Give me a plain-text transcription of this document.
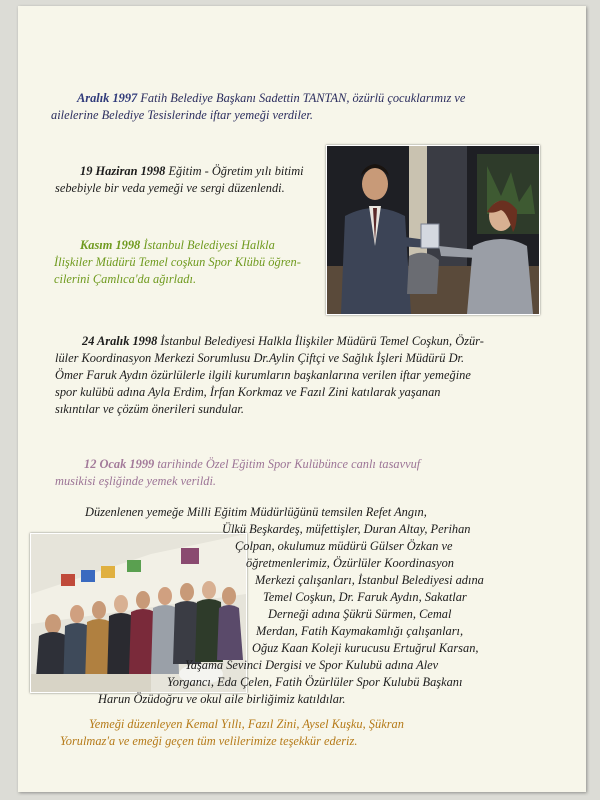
Aralık 1997 Fatih Belediye Başkanı Sadettin TANTAN, özürlü çocuklarımız ve
ailelerine Belediye Tesislerinde iftar yemeği verdiler.

19 Haziran 1998 Eğitim - Öğretim yılı bitimi
sebebiyle bir veda yemeği ve sergi düzenlendi.

Kasım 1998 İstanbul Belediyesi Halkla
İlişkiler Müdürü Temel coşkun Spor Klübü öğren-
cilerini Çamlıca'da ağırladı.

24 Aralık 1998 İstanbul Belediyesi Halkla İlişkiler Müdürü Temel Coşkun, Özür-
lüler Koordinasyon Merkezi Sorumlusu Dr.Aylin Çiftçi ve Sağlık İşleri Müdürü Dr.
Ömer Faruk Aydın özürlülerle ilgili kurumların başkanlarına verilen iftar yemeğine
spor kulübü adına Ayla Erdim, İrfan Korkmaz ve Fazıl Zini katılarak yaşanan
sıkıntılar ve çözüm önerileri sundular.

12 Ocak 1999 tarihinde Özel Eğitim Spor Kulübünce canlı tasavvuf
musikisi eşliğinde yemek verildi.

Düzenlenen yemeğe Milli Eğitim Müdürlüğünü temsilen Refet Angın,

Ülkü Beşkardeş, müfettişler, Duran Altay, Perihan

Çolpan, okulumuz müdürü Gülser Özkan ve

öğretmenlerimiz, Özürlüler Koordinasyon

Merkezi çalışanları, İstanbul Belediyesi adına

Temel Coşkun, Dr. Faruk Aydın, Sakatlar

Derneği adına Şükrü Sürmen, Cemal

Merdan, Fatih Kaymakamlığı çalışanları,

Oğuz Kaan Koleji kurucusu Ertuğrul Karsan,

Yaşama Sevinci Dergisi ve Spor Kulubü adına Alev

Yorgancı, Eda Çelen, Fatih Özürlüler Spor Kulubü Başkanı

Harun Özüdoğru ve okul aile birliğimiz katıldılar.

Yemeği düzenleyen Kemal Yıllı, Fazıl Zini, Aysel Kuşku, Şükran
Yorulmaz'a ve emeği geçen tüm velilerimize teşekkür ederiz.
